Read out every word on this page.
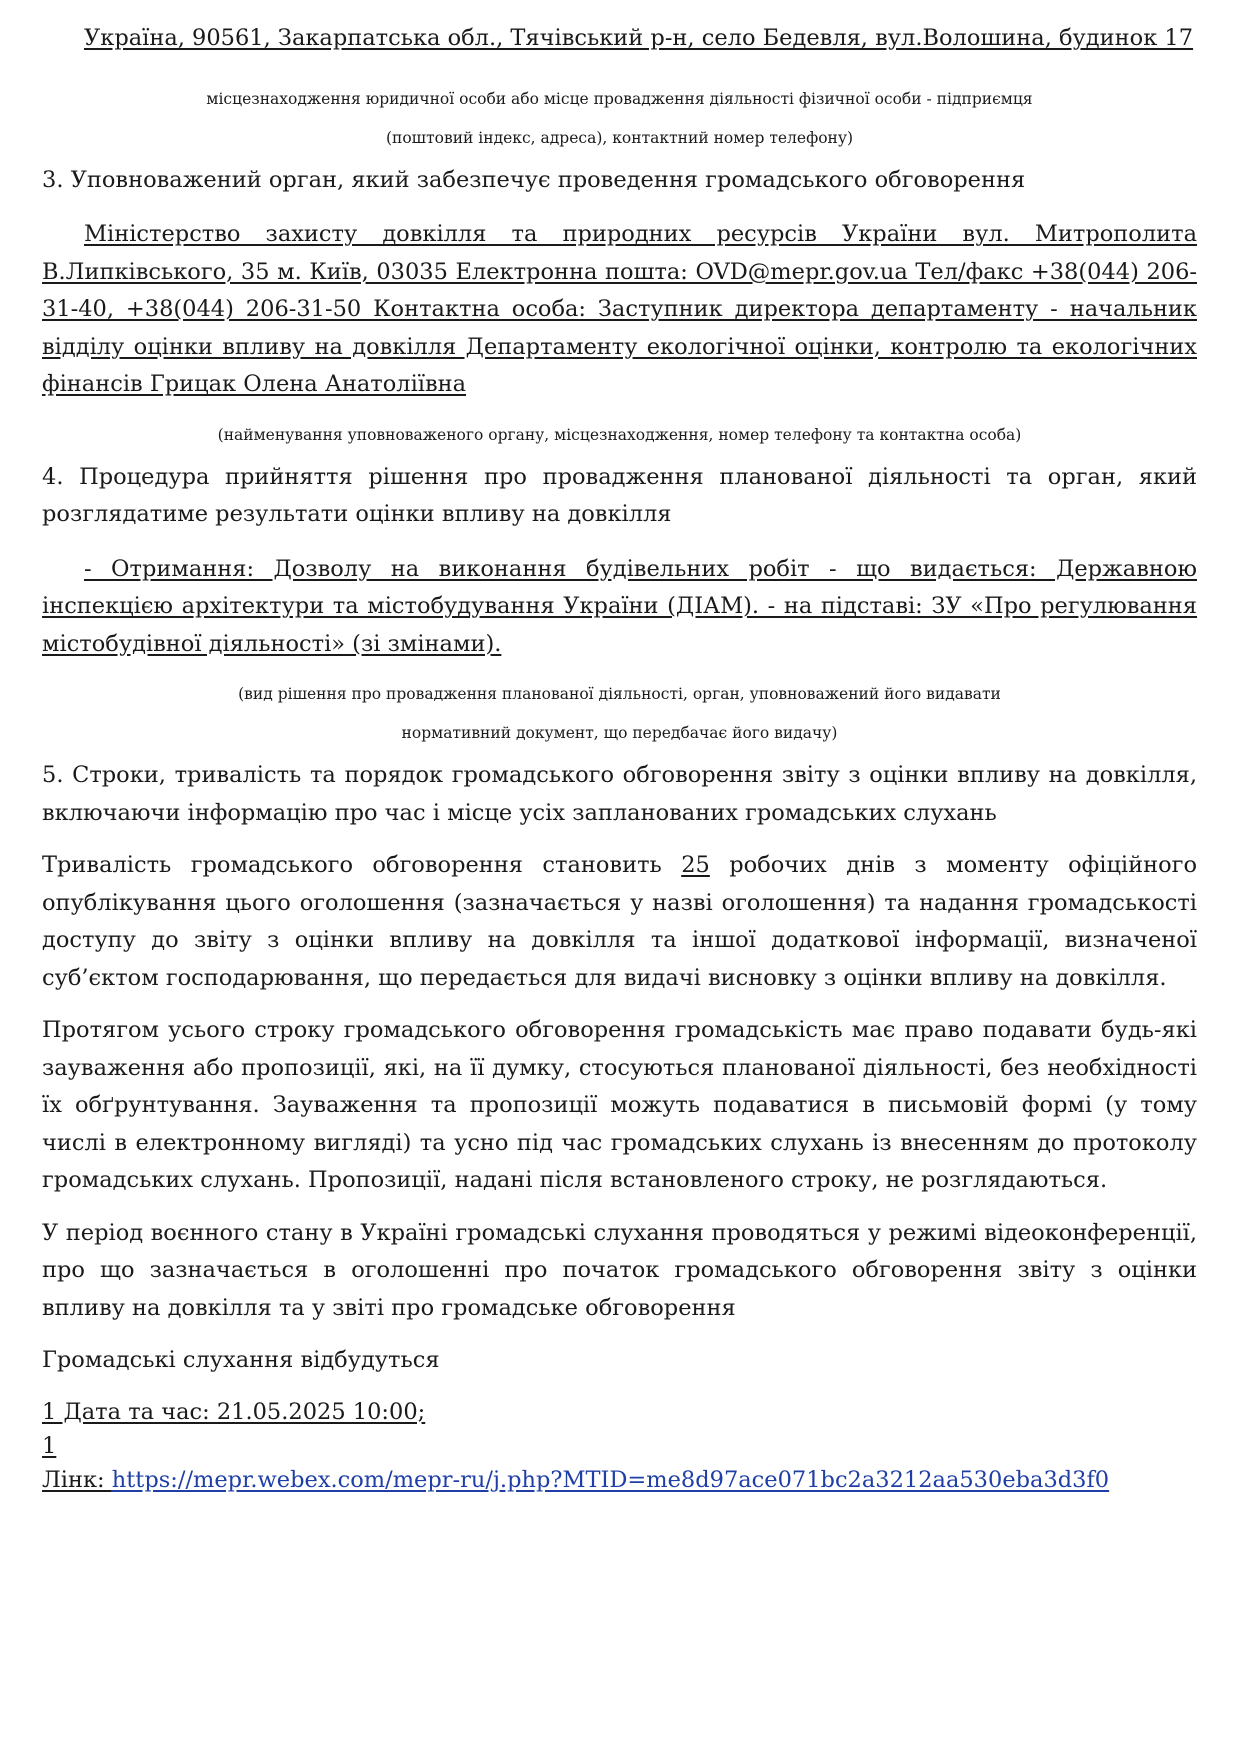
Україна, 90561, Закарпатська обл., Тячівський р-н, село Бедевля, вул.Волошина, будинок 17

місцезнаходження юридичної особи або місце провадження діяльності фізичної особи - підприємця

(поштовий індекс, адреса), контактний номер телефону)

3. Уповноважений орган, який забезпечує проведення громадського обговорення

Міністерство захисту довкілля та природних ресурсів України вул. Митрополита В.Липківського, 35 м. Київ, 03035 Електронна пошта: OVD@mepr.gov.ua Тел/факс +38(044) 206-31-40, +38(044) 206-31-50 Контактна особа: Заступник директора департаменту - начальник відділу оцінки впливу на довкілля Департаменту екологічної оцінки, контролю та екологічних фінансів Грицак Олена Анатоліївна

(найменування уповноваженого органу, місцезнаходження, номер телефону та контактна особа)

4. Процедура прийняття рішення про провадження планованої діяльності та орган, який розглядатиме результати оцінки впливу на довкілля

- Отримання: Дозволу на виконання будівельних робіт - що видається: Державною інспекцією архітектури та містобудування України (ДІАМ). - на підставі: ЗУ «Про регулювання містобудівної діяльності» (зі змінами).

(вид рішення про провадження планованої діяльності, орган, уповноважений його видавати

нормативний документ, що передбачає його видачу)

5. Строки, тривалість та порядок громадського обговорення звіту з оцінки впливу на довкілля, включаючи інформацію про час і місце усіх запланованих громадських слухань

Тривалість громадського обговорення становить 25 робочих днів з моменту офіційного опублікування цього оголошення (зазначається у назві оголошення) та надання громадськості доступу до звіту з оцінки впливу на довкілля та іншої додаткової інформації, визначеної суб’єктом господарювання, що передається для видачі висновку з оцінки впливу на довкілля.

Протягом усього строку громадського обговорення громадськість має право подавати будь-які зауваження або пропозиції, які, на її думку, стосуються планованої діяльності, без необхідності їх обґрунтування. Зауваження та пропозиції можуть подаватися в письмовій формі (у тому числі в електронному вигляді) та усно під час громадських слухань із внесенням до протоколу громадських слухань. Пропозиції, надані після встановленого строку, не розглядаються.

У період воєнного стану в Україні громадські слухання проводяться у режимі відеоконференції, про що зазначається в оголошенні про початок громадського обговорення звіту з оцінки впливу на довкілля та у звіті про громадське обговорення

Громадські слухання відбудуться

1 Дата та час: 21.05.2025 10:00;

1

Лінк: https://mepr.webex.com/mepr-ru/j.php?MTID=me8d97ace071bc2a3212aa530eba3d3f0
